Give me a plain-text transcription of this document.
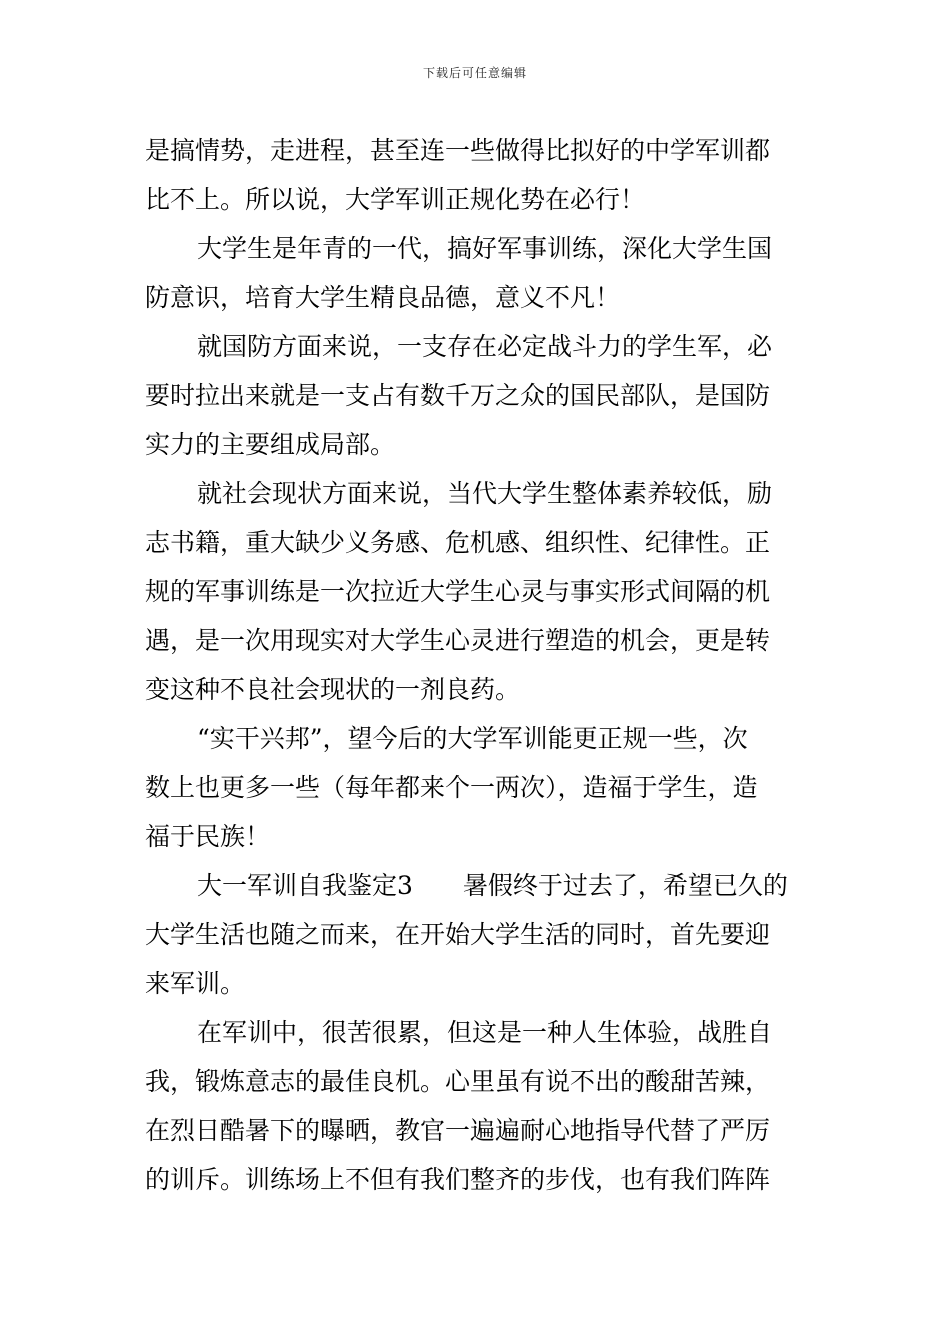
下载后可任意编辑
是搞情势，走进程，甚至连一些做得比拟好的中学军训都
比不上。所以说，大学军训正规化势在必行！
大学生是年青的一代，搞好军事训练，深化大学生国
防意识，培育大学生精良品德，意义不凡！
就国防方面来说，一支存在必定战斗力的学生军，必
要时拉出来就是一支占有数千万之众的国民部队，是国防
实力的主要组成局部。
就社会现状方面来说，当代大学生整体素养较低，励
志书籍，重大缺少义务感、危机感、组织性、纪律性。正
规的军事训练是一次拉近大学生心灵与事实形式间隔的机
遇，是一次用现实对大学生心灵进行塑造的机会，更是转
变这种不良社会现状的一剂良药。
“实干兴邦”，望今后的大学军训能更正规一些，次
数上也更多一些（每年都来个一两次），造福于学生，造
福于民族！
大一军训自我鉴定3　　暑假终于过去了，希望已久的
大学生活也随之而来，在开始大学生活的同时，首先要迎
来军训。
在军训中，很苦很累，但这是一种人生体验，战胜自
我，锻炼意志的最佳良机。心里虽有说不出的酸甜苦辣，
在烈日酷暑下的曝晒，教官一遍遍耐心地指导代替了严厉
的训斥。训练场上不但有我们整齐的步伐，也有我们阵阵
